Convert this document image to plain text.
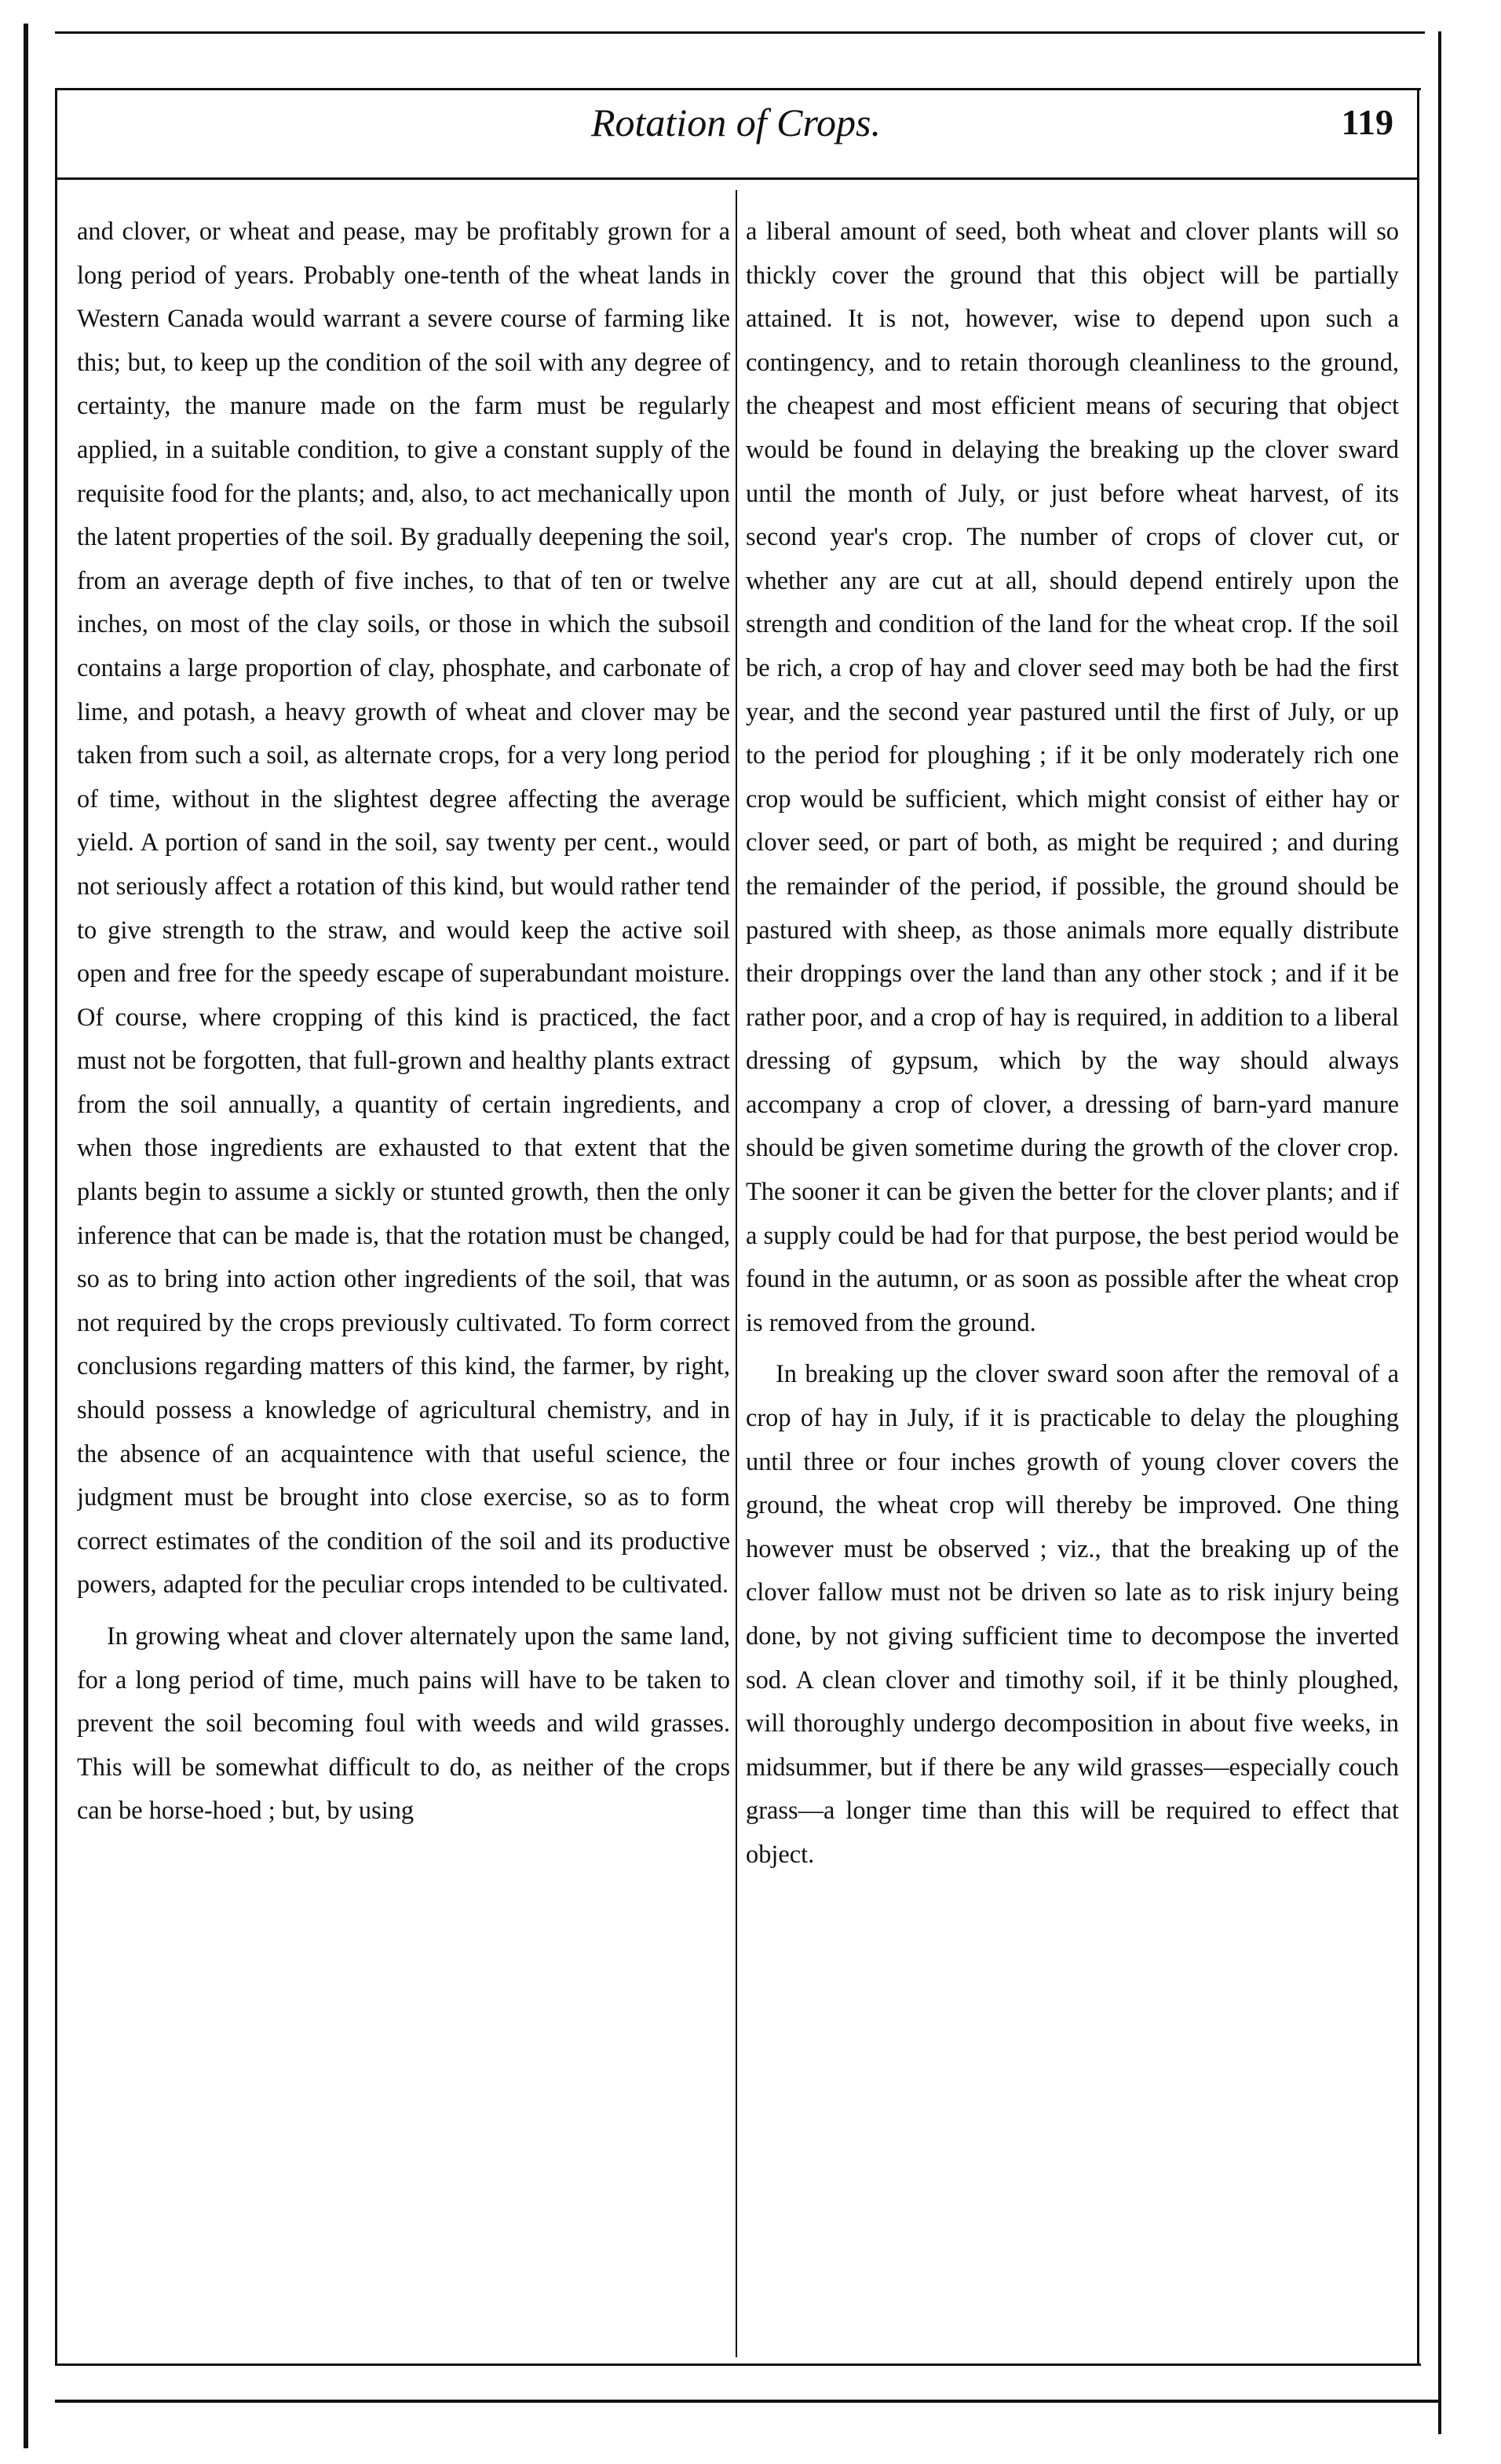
Rotation of Crops.	119

and clover, or wheat and pease, may be profitably grown for a long period of years. Probably one-tenth of the wheat lands in Western Canada would warrant a severe course of farming like this; but, to keep up the condition of the soil with any degree of certainty, the manure made on the farm must be regularly applied, in a suitable condition, to give a constant supply of the requisite food for the plants; and, also, to act mechanically upon the latent properties of the soil. By gradually deepening the soil, from an average depth of five inches, to that of ten or twelve inches, on most of the clay soils, or those in which the subsoil contains a large proportion of clay, phosphate, and carbonate of lime, and potash, a heavy growth of wheat and clover may be taken from such a soil, as alternate crops, for a very long period of time, without in the slightest degree affecting the average yield. A portion of sand in the soil, say twenty per cent., would not seriously affect a rotation of this kind, but would rather tend to give strength to the straw, and would keep the active soil open and free for the speedy escape of superabundant moisture. Of course, where cropping of this kind is practiced, the fact must not be forgotten, that full-grown and healthy plants extract from the soil annually, a quantity of certain ingredients, and when those ingredients are exhausted to that extent that the plants begin to assume a sickly or stunted growth, then the only inference that can be made is, that the rotation must be changed, so as to bring into action other ingredients of the soil, that was not required by the crops previously cultivated. To form correct conclusions regarding matters of this kind, the farmer, by right, should possess a knowledge of agricultural chemistry, and in the absence of an acquaintence with that useful science, the judgment must be brought into close exercise, so as to form correct estimates of the condition of the soil and its productive powers, adapted for the peculiar crops intended to be cultivated.

In growing wheat and clover alternately upon the same land, for a long period of time, much pains will have to be taken to prevent the soil becoming foul with weeds and wild grasses. This will be somewhat difficult to do, as neither of the crops can be horse-hoed ; but, by using

a liberal amount of seed, both wheat and clover plants will so thickly cover the ground that this object will be partially attained. It is not, however, wise to depend upon such a contingency, and to retain thorough cleanliness to the ground, the cheapest and most efficient means of securing that object would be found in delaying the breaking up the clover sward until the month of July, or just before wheat harvest, of its second year's crop. The number of crops of clover cut, or whether any are cut at all, should depend entirely upon the strength and condition of the land for the wheat crop. If the soil be rich, a crop of hay and clover seed may both be had the first year, and the second year pastured until the first of July, or up to the period for ploughing ; if it be only moderately rich one crop would be sufficient, which might consist of either hay or clover seed, or part of both, as might be required ; and during the remainder of the period, if possible, the ground should be pastured with sheep, as those animals more equally distribute their droppings over the land than any other stock ; and if it be rather poor, and a crop of hay is required, in addition to a liberal dressing of gypsum, which by the way should always accompany a crop of clover, a dressing of barn-yard manure should be given sometime during the growth of the clover crop. The sooner it can be given the better for the clover plants; and if a supply could be had for that purpose, the best period would be found in the autumn, or as soon as possible after the wheat crop is removed from the ground.

In breaking up the clover sward soon after the removal of a crop of hay in July, if it is practicable to delay the ploughing until three or four inches growth of young clover covers the ground, the wheat crop will thereby be improved. One thing however must be observed ; viz., that the breaking up of the clover fallow must not be driven so late as to risk injury being done, by not giving sufficient time to decompose the inverted sod. A clean clover and timothy soil, if it be thinly ploughed, will thoroughly undergo decomposition in about five weeks, in midsummer, but if there be any wild grasses—especially couch grass—a longer time than this will be required to effect that object.
